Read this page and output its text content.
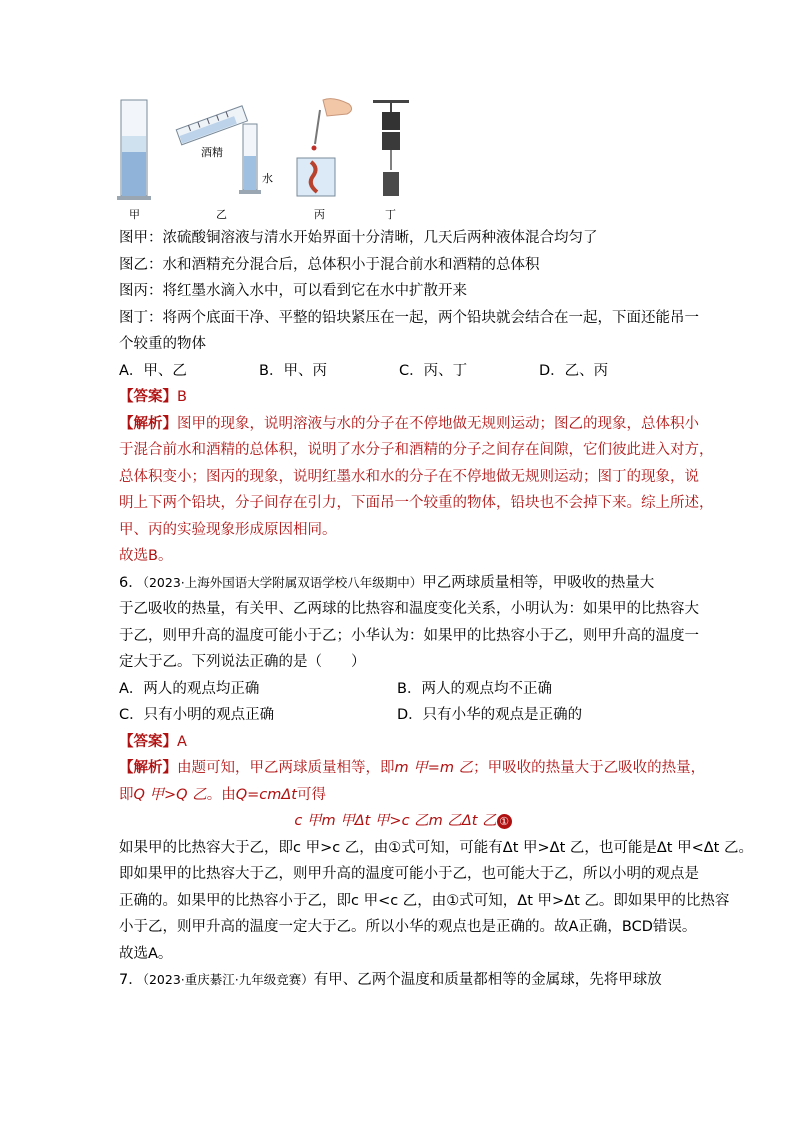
甲	乙	丙	丁
酒精
水
图甲：浓硫酸铜溶液与清水开始界面十分清晰，几天后两种液体混合均匀了
图乙：水和酒精充分混合后，总体积小于混合前水和酒精的总体积
图丙：将红墨水滴入水中，可以看到它在水中扩散开来
图丁：将两个底面干净、平整的铅块紧压在一起，两个铅块就会结合在一起，下面还能吊一
个较重的物体
A．甲、乙	B．甲、丙	C．丙、丁	D．乙、丙
【答案】B
【解析】图甲的现象，说明溶液与水的分子在不停地做无规则运动；图乙的现象，总体积小
于混合前水和酒精的总体积，说明了水分子和酒精的分子之间存在间隙，它们彼此进入对方，
总体积变小；图丙的现象，说明红墨水和水的分子在不停地做无规则运动；图丁的现象，说
明上下两个铅块，分子间存在引力，下面吊一个较重的物体，铅块也不会掉下来。综上所述，
甲、丙的实验现象形成原因相同。
故选B。
6．（2023·上海外国语大学附属双语学校八年级期中）甲乙两球质量相等，甲吸收的热量大
于乙吸收的热量，有关甲、乙两球的比热容和温度变化关系，小明认为：如果甲的比热容大
于乙，则甲升高的温度可能小于乙；小华认为：如果甲的比热容小于乙，则甲升高的温度一
定大于乙。下列说法正确的是（　　）
A．两人的观点均正确	B．两人的观点均不正确
C．只有小明的观点正确	D．只有小华的观点是正确的
【答案】A
【解析】由题可知，甲乙两球质量相等，即m 甲=m 乙；甲吸收的热量大于乙吸收的热量，
即Q 甲>Q 乙。由Q=cmΔt可得
c 甲m 甲Δt 甲>c 乙m 乙Δt 乙 ①
如果甲的比热容大于乙，即c 甲>c 乙，由①式可知，可能有Δt 甲>Δt 乙，也可能是Δt 甲<Δt 乙。
即如果甲的比热容大于乙，则甲升高的温度可能小于乙，也可能大于乙，所以小明的观点是
正确的。如果甲的比热容小于乙，即c 甲<c 乙，由①式可知，Δt 甲>Δt 乙。即如果甲的比热容
小于乙，则甲升高的温度一定大于乙。所以小华的观点也是正确的。故A正确，BCD错误。
故选A。
7．（2023·重庆綦江·九年级竞赛）有甲、乙两个温度和质量都相等的金属球，先将甲球放
